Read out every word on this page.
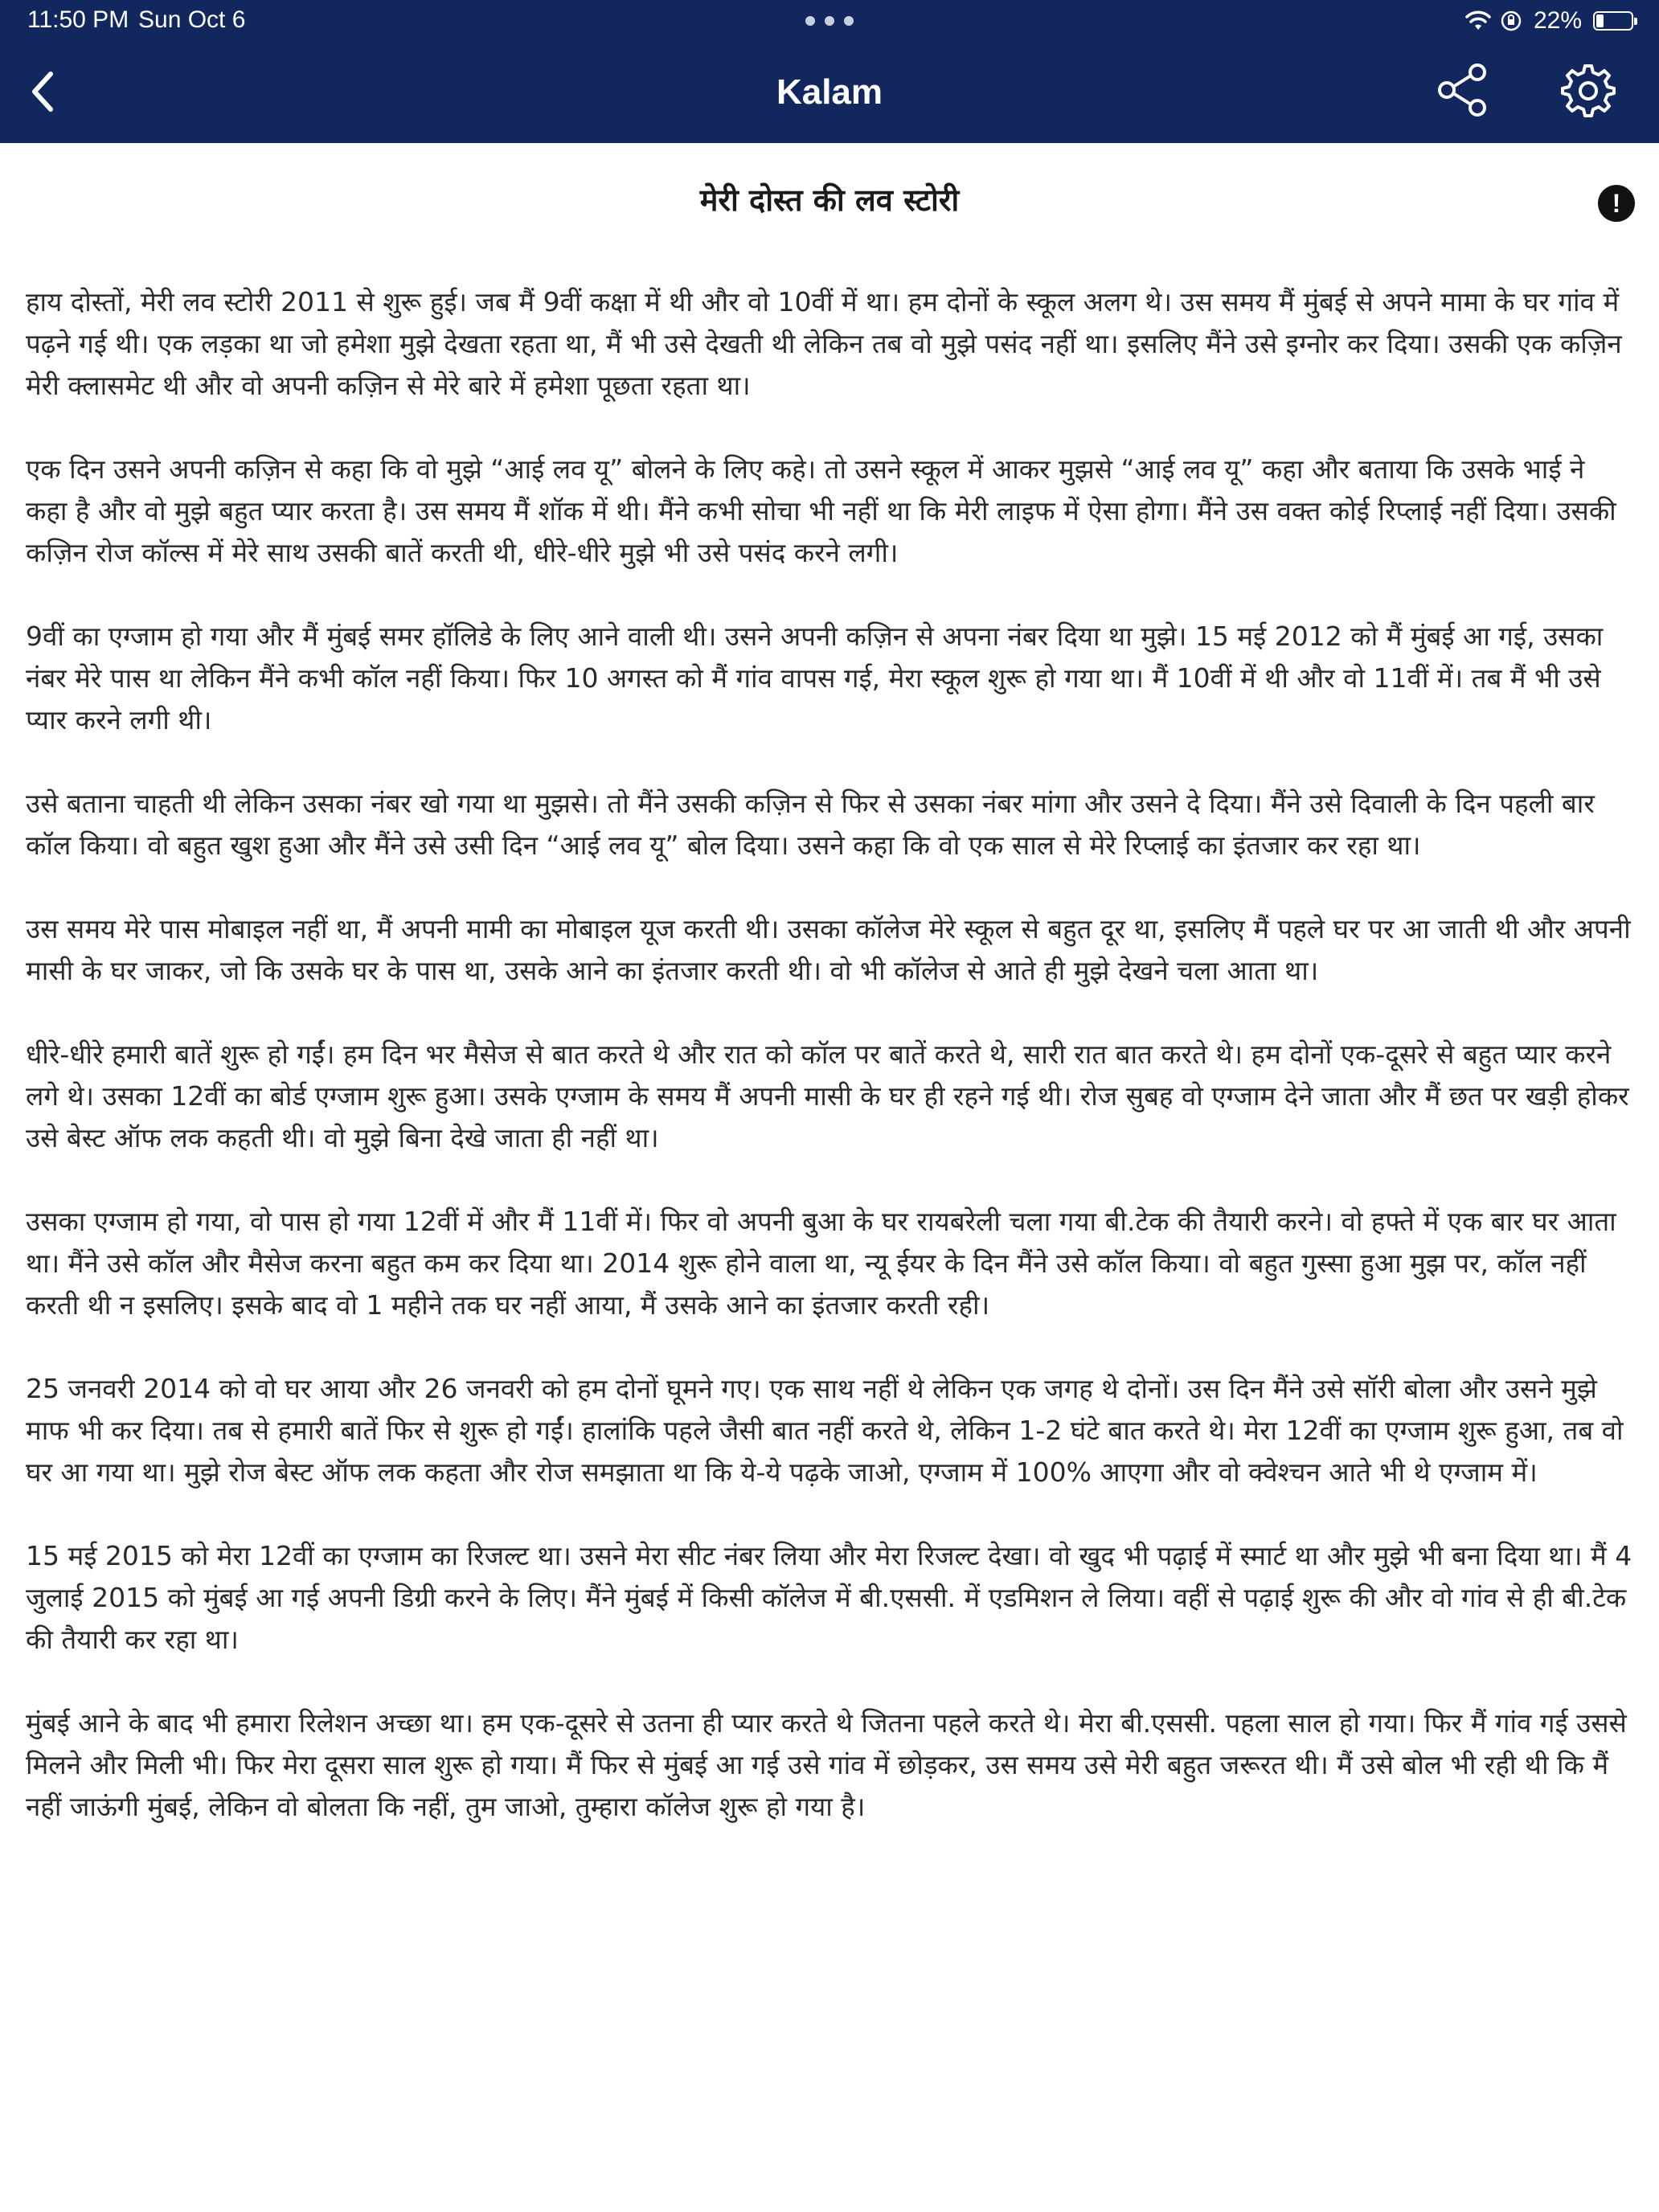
11:50 PM Sun Oct 6	22%
Kalam
मेरी दोस्त की लव स्टोरी	!

हाय दोस्तों, मेरी लव स्टोरी 2011 से शुरू हुई। जब मैं 9वीं कक्षा में थी और वो 10वीं में था। हम दोनों के स्कूल अलग थे। उस समय मैं मुंबई से अपने मामा के घर गांव में पढ़ने गई थी। एक लड़का था जो हमेशा मुझे देखता रहता था, मैं भी उसे देखती थी लेकिन तब वो मुझे पसंद नहीं था। इसलिए मैंने उसे इग्नोर कर दिया। उसकी एक कज़िन मेरी क्लासमेट थी और वो अपनी कज़िन से मेरे बारे में हमेशा पूछता रहता था।

एक दिन उसने अपनी कज़िन से कहा कि वो मुझे “आई लव यू” बोलने के लिए कहे। तो उसने स्कूल में आकर मुझसे “आई लव यू” कहा और बताया कि उसके भाई ने कहा है और वो मुझे बहुत प्यार करता है। उस समय मैं शॉक में थी। मैंने कभी सोचा भी नहीं था कि मेरी लाइफ में ऐसा होगा। मैंने उस वक्त कोई रिप्लाई नहीं दिया। उसकी कज़िन रोज कॉल्स में मेरे साथ उसकी बातें करती थी, धीरे-धीरे मुझे भी उसे पसंद करने लगी।

9वीं का एग्जाम हो गया और मैं मुंबई समर हॉलिडे के लिए आने वाली थी। उसने अपनी कज़िन से अपना नंबर दिया था मुझे। 15 मई 2012 को मैं मुंबई आ गई, उसका नंबर मेरे पास था लेकिन मैंने कभी कॉल नहीं किया। फिर 10 अगस्त को मैं गांव वापस गई, मेरा स्कूल शुरू हो गया था। मैं 10वीं में थी और वो 11वीं में। तब मैं भी उसे प्यार करने लगी थी।

उसे बताना चाहती थी लेकिन उसका नंबर खो गया था मुझसे। तो मैंने उसकी कज़िन से फिर से उसका नंबर मांगा और उसने दे दिया। मैंने उसे दिवाली के दिन पहली बार कॉल किया। वो बहुत खुश हुआ और मैंने उसे उसी दिन “आई लव यू” बोल दिया। उसने कहा कि वो एक साल से मेरे रिप्लाई का इंतजार कर रहा था।

उस समय मेरे पास मोबाइल नहीं था, मैं अपनी मामी का मोबाइल यूज करती थी। उसका कॉलेज मेरे स्कूल से बहुत दूर था, इसलिए मैं पहले घर पर आ जाती थी और अपनी मासी के घर जाकर, जो कि उसके घर के पास था, उसके आने का इंतजार करती थी। वो भी कॉलेज से आते ही मुझे देखने चला आता था।

धीरे-धीरे हमारी बातें शुरू हो गईं। हम दिन भर मैसेज से बात करते थे और रात को कॉल पर बातें करते थे, सारी रात बात करते थे। हम दोनों एक-दूसरे से बहुत प्यार करने लगे थे। उसका 12वीं का बोर्ड एग्जाम शुरू हुआ। उसके एग्जाम के समय मैं अपनी मासी के घर ही रहने गई थी। रोज सुबह वो एग्जाम देने जाता और मैं छत पर खड़ी होकर उसे बेस्ट ऑफ लक कहती थी। वो मुझे बिना देखे जाता ही नहीं था।

उसका एग्जाम हो गया, वो पास हो गया 12वीं में और मैं 11वीं में। फिर वो अपनी बुआ के घर रायबरेली चला गया बी.टेक की तैयारी करने। वो हफ्ते में एक बार घर आता था। मैंने उसे कॉल और मैसेज करना बहुत कम कर दिया था। 2014 शुरू होने वाला था, न्यू ईयर के दिन मैंने उसे कॉल किया। वो बहुत गुस्सा हुआ मुझ पर, कॉल नहीं करती थी न इसलिए। इसके बाद वो 1 महीने तक घर नहीं आया, मैं उसके आने का इंतजार करती रही।

25 जनवरी 2014 को वो घर आया और 26 जनवरी को हम दोनों घूमने गए। एक साथ नहीं थे लेकिन एक जगह थे दोनों। उस दिन मैंने उसे सॉरी बोला और उसने मुझे माफ भी कर दिया। तब से हमारी बातें फिर से शुरू हो गईं। हालांकि पहले जैसी बात नहीं करते थे, लेकिन 1-2 घंटे बात करते थे। मेरा 12वीं का एग्जाम शुरू हुआ, तब वो घर आ गया था। मुझे रोज बेस्ट ऑफ लक कहता और रोज समझाता था कि ये-ये पढ़के जाओ, एग्जाम में 100% आएगा और वो क्वेश्चन आते भी थे एग्जाम में।

15 मई 2015 को मेरा 12वीं का एग्जाम का रिजल्ट था। उसने मेरा सीट नंबर लिया और मेरा रिजल्ट देखा। वो खुद भी पढ़ाई में स्मार्ट था और मुझे भी बना दिया था। मैं 4 जुलाई 2015 को मुंबई आ गई अपनी डिग्री करने के लिए। मैंने मुंबई में किसी कॉलेज में बी.एससी. में एडमिशन ले लिया। वहीं से पढ़ाई शुरू की और वो गांव से ही बी.टेक की तैयारी कर रहा था।

मुंबई आने के बाद भी हमारा रिलेशन अच्छा था। हम एक-दूसरे से उतना ही प्यार करते थे जितना पहले करते थे। मेरा बी.एससी. पहला साल हो गया। फिर मैं गांव गई उससे मिलने और मिली भी। फिर मेरा दूसरा साल शुरू हो गया। मैं फिर से मुंबई आ गई उसे गांव में छोड़कर, उस समय उसे मेरी बहुत जरूरत थी। मैं उसे बोल भी रही थी कि मैं नहीं जाऊंगी मुंबई, लेकिन वो बोलता कि नहीं, तुम जाओ, तुम्हारा कॉलेज शुरू हो गया है।
